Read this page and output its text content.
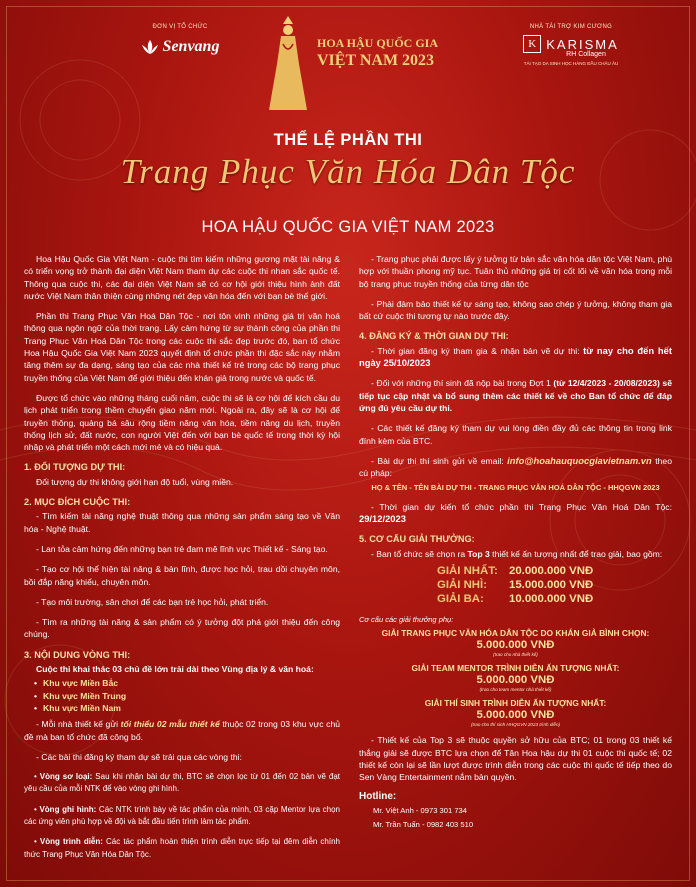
ĐƠN VỊ TỔ CHỨC
Senvang	HOA HẬU QUỐC GIA
VIỆT NAM 2023
NHÀ TÀI TRỢ KIM CƯƠNG
K KARISMA
RH Collagen
TÁI TẠO DA SINH HỌC HÀNG ĐẦU CHÂU ÂU
THỂ LỆ PHẦN THI
Trang Phục Văn Hóa Dân Tộc
HOA HẬU QUỐC GIA VIỆT NAM 2023

Hoa Hậu Quốc Gia Việt Nam - cuộc thi tìm kiếm những gương mặt tài năng & có triển vọng trở thành đại diện Việt Nam tham dự các cuộc thi nhan sắc quốc tế. Thông qua cuộc thi, các đại diện Việt Nam sẽ có cơ hội giới thiệu hình ảnh đất nước Việt Nam thân thiện cùng những nét đẹp văn hóa đến với bạn bè thế giới.

Phần thi Trang Phục Văn Hoá Dân Tộc - nơi tôn vinh những giá trị văn hoá thông qua ngôn ngữ của thời trang. Lấy cảm hứng từ sự thành công của phần thi Trang Phục Văn Hoá Dân Tộc trong các cuộc thi sắc đẹp trước đó, ban tổ chức Hoa Hậu Quốc Gia Việt Nam 2023 quyết định tổ chức phần thi đặc sắc này nhằm tăng thêm sự đa dạng, sáng tạo của các nhà thiết kế trẻ trong các bộ trang phục truyền thống của Việt Nam để giới thiệu đến khán giả trong nước và quốc tế.

Được tổ chức vào những tháng cuối năm, cuộc thi sẽ là cơ hội để kích cầu du lịch phát triển trong thềm chuyển giao năm mới. Ngoài ra, đây sẽ là cơ hội để truyền thông, quảng bá sâu rộng tiềm năng văn hóa, tiềm năng du lịch, truyền thống lịch sử, đất nước, con người Việt đến với bạn bè quốc tế trong thời kỳ hội nhập và phát triển một cách mới mẻ và có hiệu quả.

1. ĐỐI TƯỢNG DỰ THI:

Đối tượng dự thi không giới hạn độ tuổi, vùng miền.

2. MỤC ĐÍCH CUỘC THI:

- Tìm kiếm tài năng nghệ thuật thông qua những sản phẩm sáng tạo về Văn hóa - Nghệ thuật.

- Lan tỏa cảm hứng đến những bạn trẻ đam mê lĩnh vực Thiết kế - Sáng tạo.

- Tạo cơ hội thể hiện tài năng & bản lĩnh, được học hỏi, trau dồi chuyên môn, bồi đắp năng khiếu, chuyên môn.

- Tạo môi trường, sân chơi để các bạn trẻ học hỏi, phát triển.

- Tìm ra những tài năng & sản phẩm có ý tưởng đột phá giới thiệu đến công chúng.

3. NỘI DUNG VÒNG THI:
Cuộc thi khai thác 03 chủ đề lớn trải dài theo Vùng địa lý & văn hoá:
• Khu vực Miền Bắc
• Khu vực Miền Trung
• Khu vực Miền Nam

- Mỗi nhà thiết kế gửi tối thiểu 02 mẫu thiết kế thuộc 02 trong 03 khu vực chủ đề mà ban tổ chức đã công bố.

- Các bài thi đăng ký tham dự sẽ trải qua các vòng thi:

• Vòng sơ loại: Sau khi nhận bài dự thi, BTC sẽ chọn lọc từ 01 đến 02 bản vẽ đạt yêu cầu của mỗi NTK để vào vòng ghi hình.

• Vòng ghi hình: Các NTK trình bày về tác phẩm của mình, 03 cặp Mentor lựa chọn các ứng viên phù hợp về đội và bắt đầu tiến trình làm tác phẩm.

• Vòng trình diễn: Các tác phẩm hoàn thiện trình diễn trực tiếp tại đêm diễn chính thức Trang Phục Văn Hóa Dân Tộc.

- Trang phục phải được lấy ý tưởng từ bản sắc văn hóa dân tộc Việt Nam, phù hợp với thuần phong mỹ tục. Tuân thủ những giá trị cốt lõi về văn hóa trong mỗi bộ trang phục truyền thống của từng dân tộc

- Phải đảm bảo thiết kế tự sáng tạo, không sao chép ý tưởng, không tham gia bất cứ cuộc thi tương tự nào trước đây.

4. ĐĂNG KÝ & THỜI GIAN DỰ THI:

- Thời gian đăng ký tham gia & nhận bản vẽ dự thi: từ nay cho đến hết ngày 25/10/2023

- Đối với những thí sinh đã nộp bài trong Đợt 1 (từ 12/4/2023 - 20/08/2023) sẽ tiếp tục cập nhật và bổ sung thêm các thiết kế về cho Ban tổ chức để đáp ứng đủ yêu cầu dự thi.

- Các thiết kế đăng ký tham dự vui lòng điền đầy đủ các thông tin trong link đính kèm của BTC.

- Bài dự thi thí sinh gửi về email: info@hoahauquocgiavietnam.vn theo cú pháp:

HỌ & TÊN - TÊN BÀI DỰ THI - TRANG PHỤC VĂN HOÁ DÂN TỘC - HHQGVN 2023

- Thời gian dự kiến tổ chức phần thi Trang Phục Văn Hoá Dân Tộc: 29/12/2023

5. CƠ CẤU GIẢI THƯỞNG:

- Ban tổ chức sẽ chọn ra Top 3 thiết kế ấn tượng nhất để trao giải, bao gồm:

GIẢI NHẤT: 20.000.000 VNĐ
GIẢI NHÌ:	15.000.000 VNĐ
GIẢI BA:	10.000.000 VNĐ
Cơ cấu các giải thưởng phụ:
GIẢI TRANG PHỤC VĂN HÓA DÂN TỘC DO KHÁN GIẢ BÌNH CHỌN:
5.000.000 VNĐ
(trao cho nhà thiết kế)
GIẢI TEAM MENTOR TRÌNH DIỄN ẤN TƯỢNG NHẤT:
5.000.000 VNĐ
(trao cho team mentor nhà thiết kế)
GIẢI THÍ SINH TRÌNH DIỄN ẤN TƯỢNG NHẤT:
5.000.000 VNĐ
(trao cho thí sinh HHQGVN 2023 trình diễn)

- Thiết kế của Top 3 sẽ thuộc quyền sở hữu của BTC; 01 trong 03 thiết kế thắng giải sẽ được BTC lựa chọn để Tân Hoa hậu dự thi 01 cuộc thi quốc tế; 02 thiết kế còn lại sẽ lần lượt được trình diễn trong các cuộc thi quốc tế tiếp theo do Sen Vàng Entertainment nắm bản quyền.

Hotline:
Mr. Việt Anh - 0973 301 734
Mr. Trần Tuấn - 0982 403 510
